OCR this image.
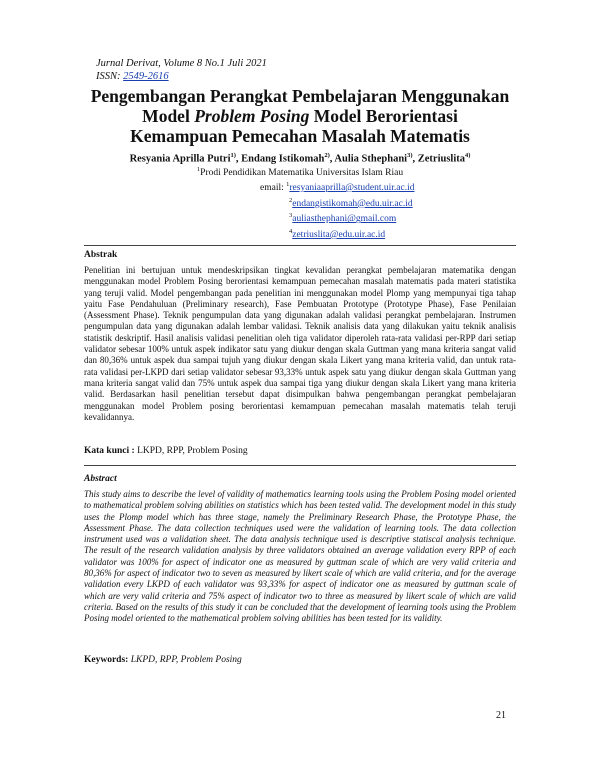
Jurnal Derivat, Volume 8 No.1 Juli 2021
ISSN: 2549-2616
Pengembangan Perangkat Pembelajaran Menggunakan
Model Problem Posing Model Berorientasi
Kemampuan Pemecahan Masalah Matematis
Resyania Aprilla Putri$^{1)}$, Endang Istikomah$^{2)}$, Aulia Sthephani$^{3)}$, Zetriuslita$^{4)}$
$^1$Prodi Pendidikan Matematika Universitas Islam Riau
email: $^1$resyaniaaprilla@student.uir.ac.id
$^2$endangistikomah@edu.uir.ac.id
$^3$auliasthephani@gmail.com
$^4$zetriuslita@edu.uir.ac.id
Abstrak
Penelitian ini bertujuan untuk mendeskripsikan tingkat kevalidan perangkat pembelajaran matematika dengan menggunakan model Problem Posing berorientasi kemampuan pemecahan masalah matematis pada materi statistika yang teruji valid. Model pengembangan pada penelitian ini menggunakan model Plomp yang mempunyai tiga tahap yaitu Fase Pendahuluan (Preliminary research), Fase Pembuatan Prototype (Prototype Phase), Fase Penilaian (Assessment Phase). Teknik pengumpulan data yang digunakan adalah validasi perangkat pembelajaran. Instrumen pengumpulan data yang digunakan adalah lembar validasi. Teknik analisis data yang dilakukan yaitu teknik analisis statistik deskriptif. Hasil analisis validasi penelitian oleh tiga validator diperoleh rata-rata validasi per-RPP dari setiap validator sebesar 100% untuk aspek indikator satu yang diukur dengan skala Guttman yang mana kriteria sangat valid dan 80,36% untuk aspek dua sampai tujuh yang diukur dengan skala Likert yang mana kriteria valid, dan untuk rata-rata validasi per-LKPD dari setiap validator sebesar 93,33% untuk aspek satu yang diukur dengan skala Guttman yang mana kriteria sangat valid dan 75% untuk aspek dua sampai tiga yang diukur dengan skala Likert yang mana kriteria valid. Berdasarkan hasil penelitian tersebut dapat disimpulkan bahwa pengembangan perangkat pembelajaran menggunakan model Problem posing berorientasi kemampuan pemecahan masalah matematis telah teruji kevalidannya.
Kata kunci : LKPD, RPP, Problem Posing
Abstract
This study aims to describe the level of validity of mathematics learning tools using the Problem Posing model oriented to mathematical problem solving abilities on statistics which has been tested valid. The development model in this study uses the Plomp model which has three stage, namely the Preliminary Research Phase, the Prototype Phase, the Assessment Phase. The data collection techniques used were the validation of learning tools. The data collection instrument used was a validation sheet. The data analysis technique used is descriptive statiscal analysis technique. The result of the research validation analysis by three validators obtained an average validation every RPP of each validator was 100% for aspect of indicator one as measured by guttman scale of which are very valid criteria and 80,36% for aspect of indicator two to seven as measured by likert scale of which are valid criteria, and for the average validation every LKPD of each validator was 93,33% for aspect of indicator one as measured by guttman scale of which are very valid criteria and 75% aspect of indicator two to three as measured by likert scale of which are valid criteria. Based on the results of this study it can be concluded that the development of learning tools using the Problem Posing model oriented to the mathematical problem solving abilities has been tested for its validity.
Keywords: LKPD, RPP, Problem Posing
21
